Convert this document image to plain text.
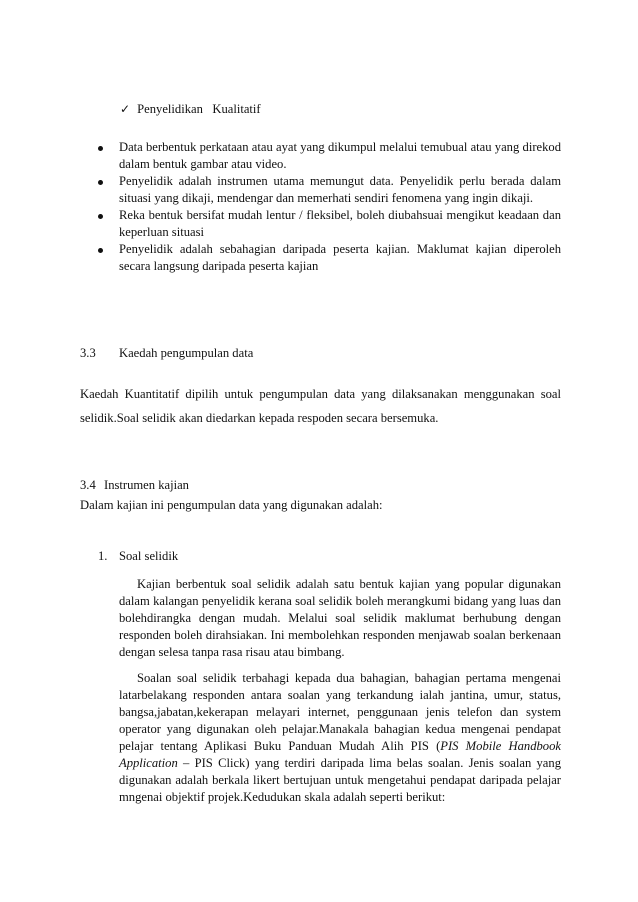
✓ Penyelidikan   Kualitatif
Data berbentuk perkataan atau ayat yang dikumpul melalui temubual atau yang direkod
dalam bentuk gambar atau video.
Penyelidik adalah instrumen utama memungut data. Penyelidik perlu berada dalam
situasi yang dikaji, mendengar dan memerhati sendiri fenomena yang ingin dikaji.
Reka bentuk bersifat mudah lentur / fleksibel, boleh diubahsuai mengikut keadaan dan
keperluan situasi
Penyelidik adalah sebahagian daripada peserta kajian. Maklumat kajian diperoleh
secara langsung daripada peserta kajian
3.3 Kaedah pengumpulan data
Kaedah Kuantitatif dipilih untuk pengumpulan data yang dilaksanakan menggunakan soal
selidik.Soal selidik akan diedarkan kepada respoden secara bersemuka.
3.4 Instrumen kajian
Dalam kajian ini pengumpulan data yang digunakan adalah:
1. Soal selidik
Kajian berbentuk soal selidik adalah satu bentuk kajian yang popular digunakan
dalam kalangan penyelidik kerana soal selidik boleh merangkumi bidang yang luas dan
bolehdirangka dengan mudah. Melalui soal selidik maklumat berhubung dengan
responden boleh dirahsiakan. Ini membolehkan responden menjawab soalan berkenaan
dengan selesa tanpa rasa risau atau bimbang.
Soalan soal selidik terbahagi kepada dua bahagian, bahagian pertama mengenai
latarbelakang responden antara soalan yang terkandung ialah jantina, umur, status,
bangsa,jabatan,kekerapan melayari internet, penggunaan jenis telefon dan system
operator yang digunakan oleh pelajar.Manakala bahagian kedua mengenai pendapat
pelajar tentang Aplikasi Buku Panduan Mudah Alih PIS (PIS Mobile Handbook
Application – PIS Click) yang terdiri daripada lima belas soalan. Jenis soalan yang
digunakan adalah berkala likert bertujuan untuk mengetahui pendapat daripada pelajar
mngenai objektif projek.Kedudukan skala adalah seperti berikut:
